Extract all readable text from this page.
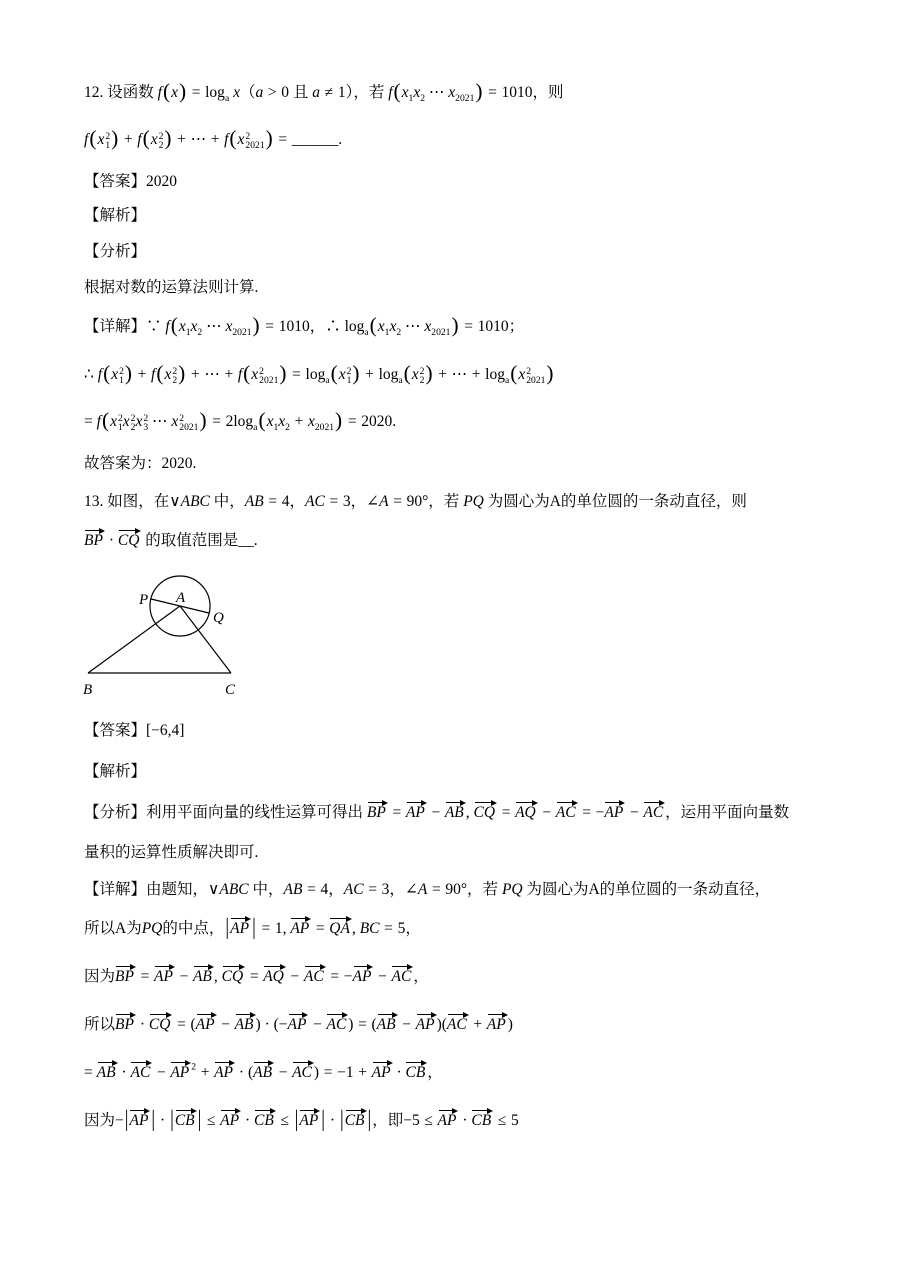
12. 设函数 $f(x) = \log_a x(a > 0$ 且 a ≠ 1），若 $f(x_1x_2$ ⋯ $x_{2021}) = 1010$，则
f(x 2
1 ) + f(x 2
2 ) + ⋯ + f(x 2
2021 ) = ______.
【答案】2020
【解析】
【分析】
根据对数的运算法则计算.
【详解】∵ $f(x_1x_2$ ⋯ $x_{2021}) = 1010$，∴ $\log_a(x_1x_2$ ⋯ $x_{2021}) = 1010$；
∴ f(x 2
1 ) + f(x 2
2 ) + ⋯ + f(x 2
2021 ) = $\log_a(x$ 2
1 ) + $\log_a(x$ 2
2 ) + ⋯ + $\log_a(x$ 2
2021 )
= f(x 2
1 x 2
2 x 2
3 ⋯ x 2
2021 ) = $2\log_a(x_1x_2 + x_{2021}) = 2020$.
故答案为：2020.
13. 如图，在∨ABC 中，AB = 4，AC = 3，∠A = 90°，若 PQ 为圆心为A的单位圆的一条动直径，则
BP · CQ 的取值范围是__.
P A
Q
B	C
【答案】[−6,4]
【解析】
【分析】利用平面向量的线性运算可得出 BP = AP − AB , CQ = AQ − AC = −AP − AC ，运用平面向量数
量积的运算性质解决即可.
【详解】由题知，∨ABC 中，AB = 4，AC = 3，∠A = 90°，若 PQ 为圆心为A的单位圆的一条动直径，
所以A为PQ的中点，|AP | = 1, AP = QA , BC = 5，
因为BP = AP − AB , CQ = AQ − AC = −AP − AC ，
所以BP · CQ = (AP − AB ) · (−AP − AC ) = (AB − AP )(AC + AP )
= AB · AC − AP $^2$ + AP · (AB − AC ) = −1 + AP · CB ，
因为−|AP | · |CB | ≤ AP · CB ≤ |AP | · |CB |，即−5 ≤ AP · CB ≤ 5
